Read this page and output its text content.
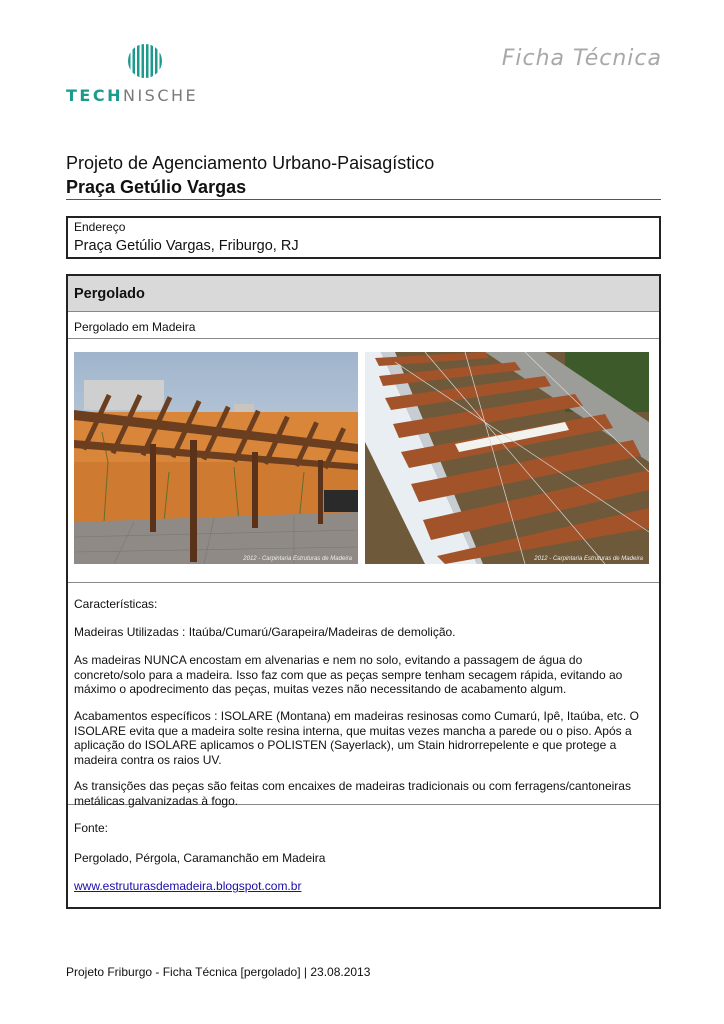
TECHNISCHE
Ficha Técnica
Projeto de Agenciamento Urbano-Paisagístico
Praça Getúlio Vargas
Endereço
Praça Getúlio Vargas, Friburgo, RJ
Pergolado
Pergolado em Madeira
2012 - Carpintaria Estruturas de Madeira	2012 - Carpintaria Estruturas de Madeira

Características:

Madeiras Utilizadas : Itaúba/Cumarú/Garapeira/Madeiras de demolição.

As madeiras NUNCA encostam em alvenarias e nem no solo, evitando a passagem de água do concreto/solo para a madeira. Isso faz com que as peças sempre tenham secagem rápida, evitando ao máximo o apodrecimento das peças, muitas vezes não necessitando de acabamento algum.

Acabamentos específicos : ISOLARE (Montana) em madeiras resinosas como Cumarú, Ipê, Itaúba, etc. O ISOLARE evita que a madeira solte resina interna, que muitas vezes mancha a parede ou o piso. Após a aplicação do ISOLARE aplicamos o POLISTEN (Sayerlack), um Stain hidrorrepelente e que protege a madeira contra os raios UV.

As transições das peças são feitas com encaixes de madeiras tradicionais ou com ferragens/cantoneiras metálicas galvanizadas à fogo.

Fonte:

Pergolado, Pérgola, Caramanchão em Madeira

www.estruturasdemadeira.blogspot.com.br

Projeto Friburgo - Ficha Técnica [pergolado] | 23.08.2013
